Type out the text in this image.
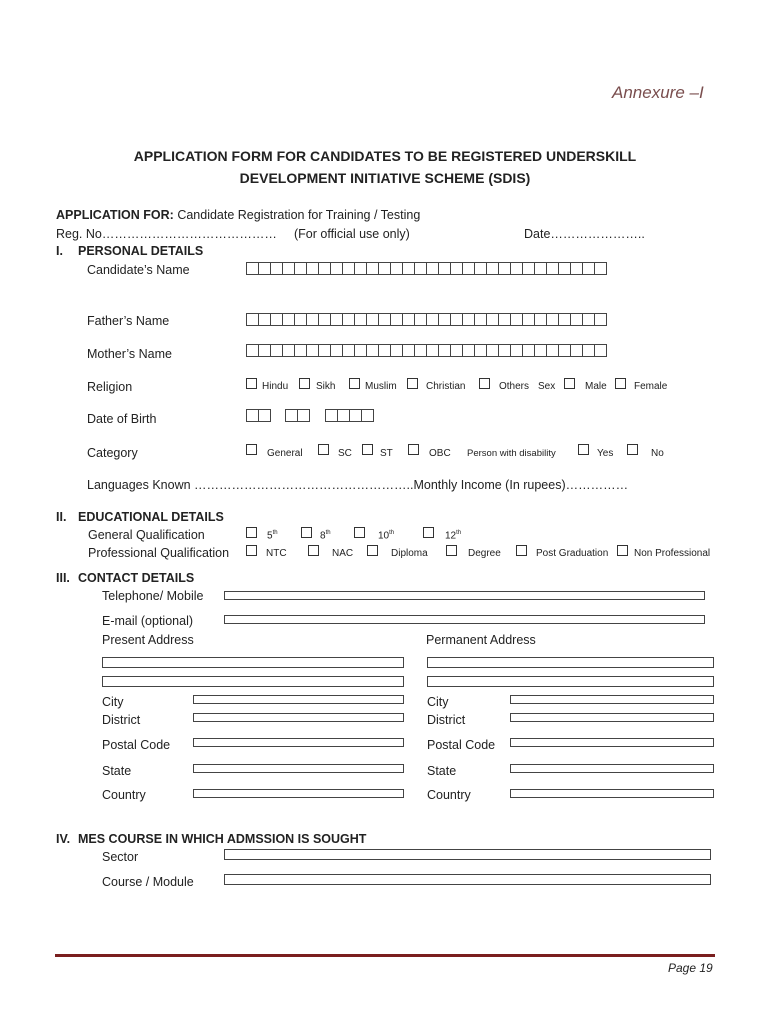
Annexure –I
APPLICATION FORM FOR CANDIDATES TO BE REGISTERED UNDERSKILL
DEVELOPMENT INITIATIVE SCHEME (SDIS)
APPLICATION FOR: Candidate Registration for Training / Testing
Reg. No…………………………………… (For official use only)	Date…………………..
I. PERSONAL DETAILS
Candidate’s Name
Father’s Name
Mother’s Name
Religion	Hindu	Sikh	Muslim	Christian	Others Sex	Male	Female
Date of Birth
Category	General	SC	ST	OBC Person with disability	Yes	No
Languages Known ……………………………………………..Monthly Income (In rupees)……………
II. EDUCATIONAL DETAILS
General Qualification	5th	8th	10th	12th
Professional Qualification	NTC	NAC	Diploma	Degree	Post Graduation	Non Professional
III. CONTACT DETAILS
Telephone/ Mobile
E-mail (optional)
Present Address	Permanent Address
City
District
Postal Code
State
Country
City
District
Postal Code
State
Country
IV. MES COURSE IN WHICH ADMSSION IS SOUGHT
Sector
Course / Module
Page 19
